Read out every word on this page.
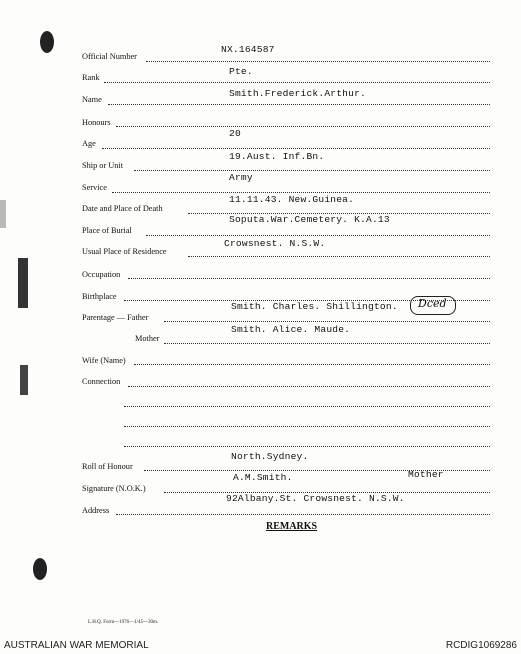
Official Number
NX.164587
Rank
Pte.
Name
Smith.Frederick.Arthur.
Honours
Age
20
Ship or Unit
19.Aust. Inf.Bn.
Service
Army
Date and Place of Death
11.11.43. New.Guinea.
Place of Burial
Soputa.War.Cemetery. K.A.13
Usual Place of Residence
Crowsnest. N.S.W.
Occupation
Birthplace
Parentage — Father
Smith. Charles. Shillington. Dced
Mother
Smith. Alice. Maude.
Wife (Name)
Connection
Roll of Honour
North.Sydney.
Signature (N.O.K.)
A.M.Smith.	Mother
Address
92Albany.St. Crowsnest. N.S.W.
REMARKS
L.H.Q. Form—1976—1/45—30m.
AUSTRALIAN WAR MEMORIAL	RCDIG1069286
